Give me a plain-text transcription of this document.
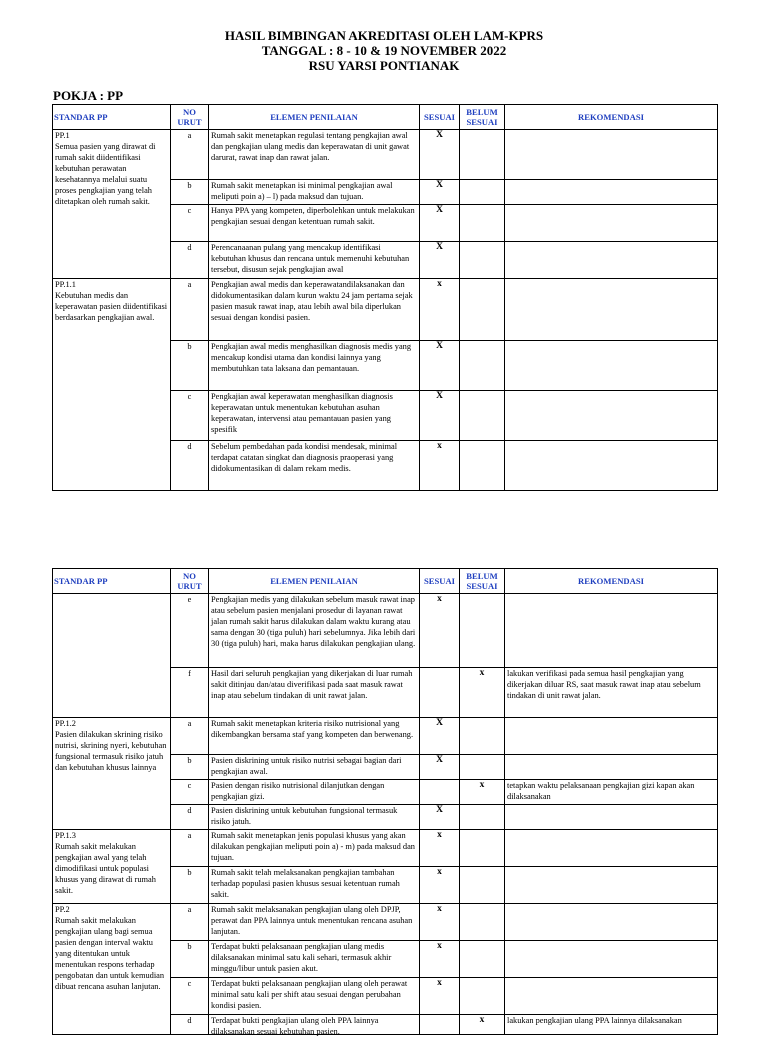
HASIL BIMBINGAN AKREDITASI OLEH LAM-KPRS
TANGGAL : 8 - 10 & 19 NOVEMBER 2022
RSU YARSI PONTIANAK
POKJA : PP
STANDAR PP	NO URUT	ELEMEN PENILAIAN	SESUAI	BELUM SESUAI	REKOMENDASI

PP.1
Semua pasien yang dirawat di rumah sakit diidentifikasi kebutuhan perawatan kesehatannya melalui suatu proses pengkajian yang telah ditetapkan oleh rumah sakit.	a	Rumah sakit menetapkan regulasi tentang pengkajian awal dan pengkajian ulang medis dan keperawatan di unit gawat darurat, rawat inap dan rawat jalan.	X		
	b	Rumah sakit menetapkan isi minimal pengkajian awal meliputi poin a) – l) pada maksud dan tujuan.	X		
	c	Hanya PPA yang kompeten, diperbolehkan untuk melakukan pengkajian sesuai dengan ketentuan rumah sakit.	X		
	d	Perencanaanan pulang yang mencakup identifikasi kebutuhan khusus dan rencana untuk memenuhi kebutuhan tersebut, disusun sejak pengkajian awal	X		

PP.1.1
Kebutuhan medis dan keperawatan pasien diidentifikasi berdasarkan pengkajian awal.	a	Pengkajian awal medis dan keperawatandilaksanakan dan didokumentasikan dalam kurun waktu 24 jam pertama sejak pasien masuk rawat inap, atau lebih awal bila diperlukan sesuai dengan kondisi pasien.	x		
	b	Pengkajian awal medis menghasilkan diagnosis medis yang mencakup kondisi utama dan kondisi lainnya yang membutuhkan tata laksana dan pemantauan.	X		
	c	Pengkajian awal keperawatan menghasilkan diagnosis keperawatan untuk menentukan kebutuhan asuhan keperawatan, intervensi atau pemantauan pasien yang spesifik	X		
	d	Sebelum pembedahan pada kondisi mendesak, minimal terdapat catatan singkat dan diagnosis praoperasi yang didokumentasikan di dalam rekam medis.	x		
STANDAR PP	NO URUT	ELEMEN PENILAIAN	SESUAI	BELUM SESUAI	REKOMENDASI

	e	Pengkajian medis yang dilakukan sebelum masuk rawat inap atau sebelum pasien menjalani prosedur di layanan rawat jalan rumah sakit harus dilakukan dalam waktu kurang atau sama dengan 30 (tiga puluh) hari sebelumnya. Jika lebih dari 30 (tiga puluh) hari, maka harus dilakukan pengkajian ulang.	x		
	f	Hasil dari seluruh pengkajian yang dikerjakan di luar rumah sakit ditinjau dan/atau diverifikasi pada saat masuk rawat inap atau sebelum tindakan di unit rawat jalan.		x	lakukan verifikasi pada semua hasil pengkajian yang dikerjakan diluar RS, saat masuk rawat inap atau sebelum tindakan di unit rawat jalan.

PP.1.2
Pasien dilakukan skrining risiko nutrisi, skrining nyeri, kebutuhan fungsional termasuk risiko jatuh dan kebutuhan khusus lainnya	a	Rumah sakit menetapkan kriteria risiko nutrisional yang dikembangkan bersama staf yang kompeten dan berwenang.	X		
	b	Pasien diskrining untuk risiko nutrisi sebagai bagian dari pengkajian awal.	X		
	c	Pasien dengan risiko nutrisional dilanjutkan dengan pengkajian gizi.		x	tetapkan waktu pelaksanaan pengkajian gizi kapan akan dilaksanakan

	d	Pasien diskrining untuk kebutuhan fungsional termasuk risiko jatuh.	X		

PP.1.3
Rumah sakit melakukan pengkajian awal yang telah dimodifikasi untuk populasi khusus yang dirawat di rumah sakit.	a	Rumah sakit menetapkan jenis populasi khusus yang akan dilakukan pengkajian meliputi poin a) - m) pada maksud dan tujuan.	x		
	b	Rumah sakit telah melaksanakan pengkajian tambahan terhadap populasi pasien khusus sesuai ketentuan rumah sakit.	x		

PP.2
Rumah sakit melakukan pengkajian ulang bagi semua pasien dengan interval waktu yang ditentukan untuk menentukan respons terhadap pengobatan dan untuk kemudian dibuat rencana asuhan lanjutan.	a	Rumah sakit melaksanakan pengkajian ulang oleh DPJP, perawat dan PPA lainnya untuk menentukan rencana asuhan lanjutan.	x		
	b	Terdapat bukti pelaksanaan pengkajian ulang medis dilaksanakan minimal satu kali sehari, termasuk akhir minggu/libur untuk pasien akut.	x		
	c	Terdapat bukti pelaksanaan pengkajian ulang oleh perawat minimal satu kali per shift atau sesuai dengan perubahan kondisi pasien.	x		
	d	Terdapat bukti pengkajian ulang oleh PPA lainnya dilaksanakan sesuai kebutuhan pasien.		x	lakukan pengkajian ulang PPA lainnya dilaksanakan
